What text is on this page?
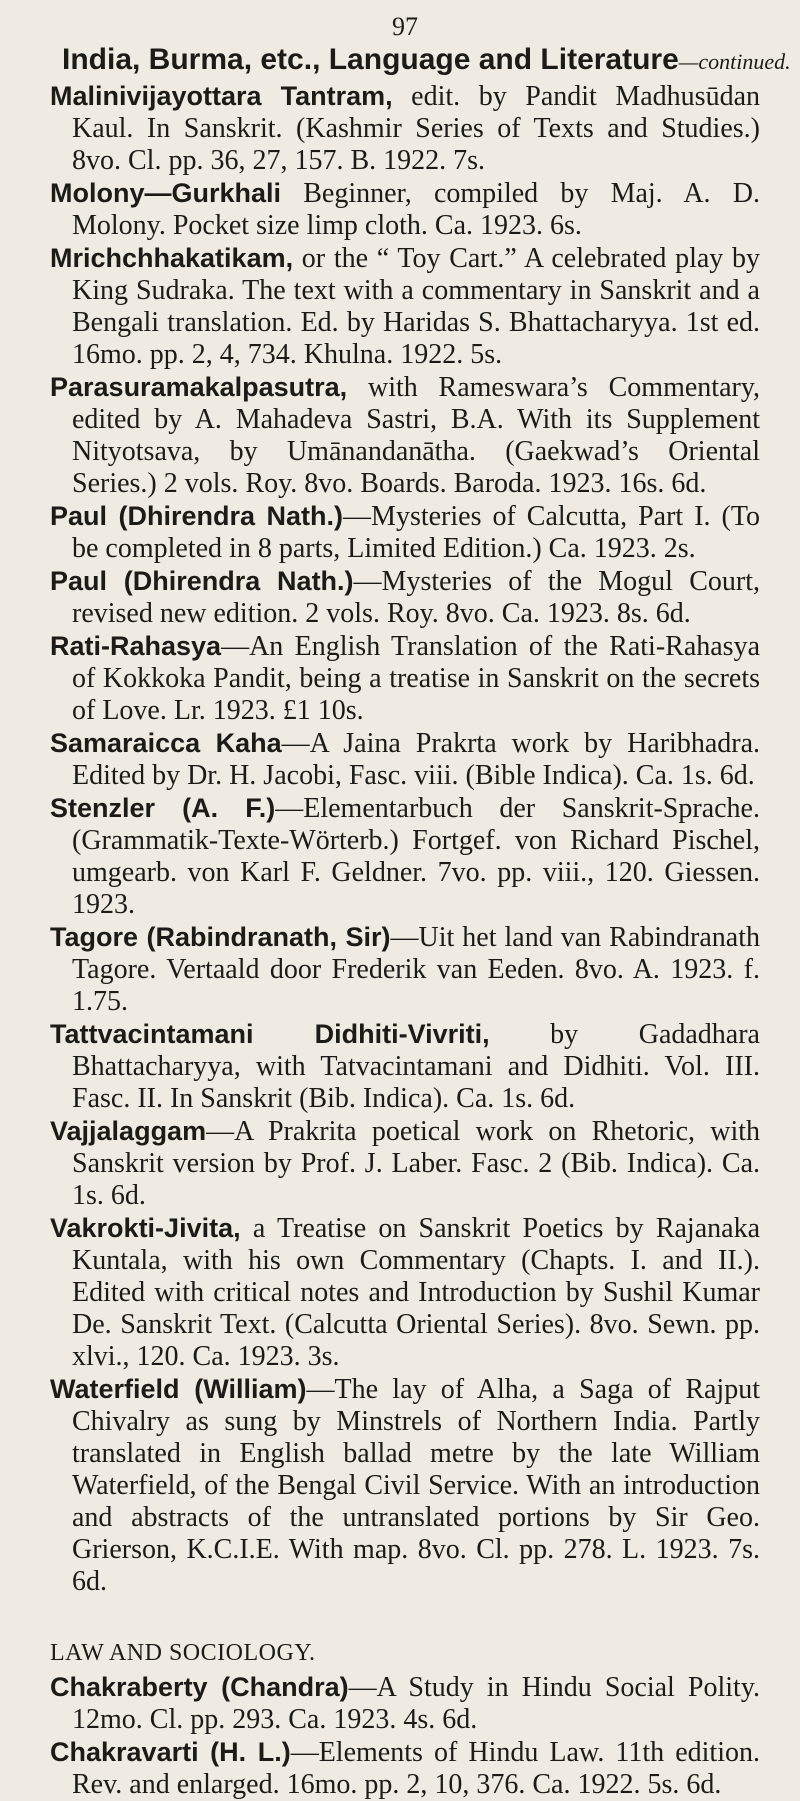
97
India, Burma, etc., Language and Literature—continued.
Malinivijayottara Tantram, edit. by Pandit Madhusūdan Kaul. In Sanskrit. (Kashmir Series of Texts and Studies.) 8vo. Cl. pp. 36, 27, 157. B. 1922. 7s.
Molony—Gurkhali Beginner, compiled by Maj. A. D. Molony. Pocket size limp cloth. Ca. 1923. 6s.
Mrichchhakatikam, or the “ Toy Cart.” A celebrated play by King Sudraka. The text with a commentary in Sanskrit and a Bengali translation. Ed. by Haridas S. Bhattacharyya. 1st ed. 16mo. pp. 2, 4, 734. Khulna. 1922. 5s.
Parasuramakalpasutra, with Rameswara’s Commentary, edited by A. Mahadeva Sastri, B.A. With its Supplement Nityotsava, by Umānandanātha. (Gaekwad’s Oriental Series.) 2 vols. Roy. 8vo. Boards. Baroda. 1923. 16s. 6d.
Paul (Dhirendra Nath.)—Mysteries of Calcutta, Part I. (To be completed in 8 parts, Limited Edition.) Ca. 1923. 2s.
Paul (Dhirendra Nath.)—Mysteries of the Mogul Court, revised new edition. 2 vols. Roy. 8vo. Ca. 1923. 8s. 6d.
Rati-Rahasya—An English Translation of the Rati-Rahasya of Kokkoka Pandit, being a treatise in Sanskrit on the secrets of Love. Lr. 1923. £1 10s.
Samaraicca Kaha—A Jaina Prakrta work by Haribhadra. Edited by Dr. H. Jacobi, Fasc. viii. (Bible Indica). Ca. 1s. 6d.
Stenzler (A. F.)—Elementarbuch der Sanskrit-Sprache. (Grammatik-Texte-Wörterb.) Fortgef. von Richard Pischel, umgearb. von Karl F. Geldner. 7vo. pp. viii., 120. Giessen. 1923.
Tagore (Rabindranath, Sir)—Uit het land van Rabindranath Tagore. Vertaald door Frederik van Eeden. 8vo. A. 1923. f. 1.75.
Tattvacintamani Didhiti-Vivriti, by Gadadhara Bhattacharyya, with Tatvacintamani and Didhiti. Vol. III. Fasc. II. In Sanskrit (Bib. Indica). Ca. 1s. 6d.
Vajjalaggam—A Prakrita poetical work on Rhetoric, with Sanskrit version by Prof. J. Laber. Fasc. 2 (Bib. Indica). Ca. 1s. 6d.
Vakrokti-Jivita, a Treatise on Sanskrit Poetics by Rajanaka Kuntala, with his own Commentary (Chapts. I. and II.). Edited with critical notes and Introduction by Sushil Kumar De. Sanskrit Text. (Calcutta Oriental Series). 8vo. Sewn. pp. xlvi., 120. Ca. 1923. 3s.
Waterfield (William)—The lay of Alha, a Saga of Rajput Chivalry as sung by Minstrels of Northern India. Partly translated in English ballad metre by the late William Waterfield, of the Bengal Civil Service. With an introduction and abstracts of the untranslated portions by Sir Geo. Grierson, K.C.I.E. With map. 8vo. Cl. pp. 278. L. 1923. 7s. 6d.
LAW AND SOCIOLOGY.
Chakraberty (Chandra)—A Study in Hindu Social Polity. 12mo. Cl. pp. 293. Ca. 1923. 4s. 6d.
Chakravarti (H. L.)—Elements of Hindu Law. 11th edition. Rev. and enlarged. 16mo. pp. 2, 10, 376. Ca. 1922. 5s. 6d.
